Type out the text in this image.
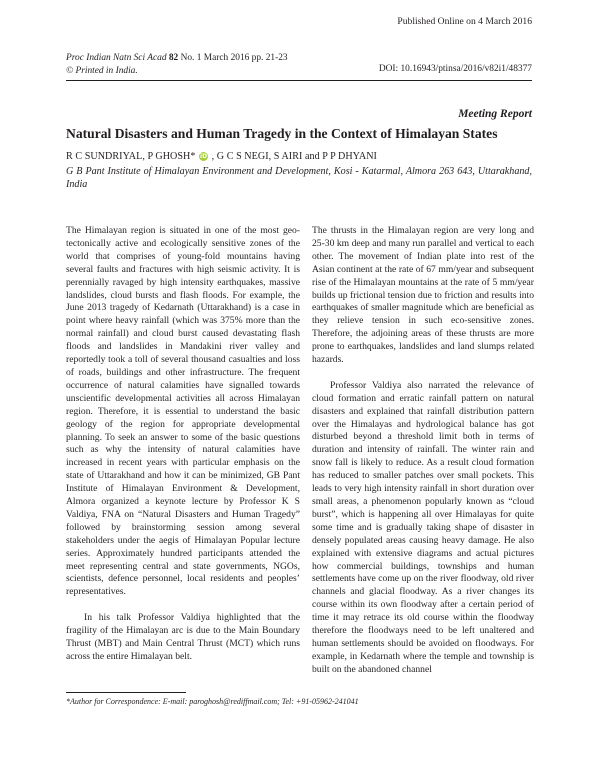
Published Online on 4 March 2016
Proc Indian Natn Sci Acad 82 No. 1 March 2016 pp. 21-23
© Printed in India.	DOI: 10.16943/ptinsa/2016/v82i1/48377
Meeting Report
Natural Disasters and Human Tragedy in the Context of Himalayan States
R C SUNDRIYAL, P GHOSH* iD , G C S NEGI, S AIRI and P P DHYANI
G B Pant Institute of Himalayan Environment and Development, Kosi - Katarmal, Almora 263 643, Uttarakhand, India

The Himalayan region is situated in one of the most geo-tectonically active and ecologically sensitive zones of the world that comprises of young-fold mountains having several faults and fractures with high seismic activity. It is perennially ravaged by high intensity earthquakes, massive landslides, cloud bursts and flash floods. For example, the June 2013 tragedy of Kedarnath (Uttarakhand) is a case in point where heavy rainfall (which was 375% more than the normal rainfall) and cloud burst caused devastating flash floods and landslides in Mandakini river valley and reportedly took a toll of several thousand casualties and loss of roads, buildings and other infrastructure. The frequent occurrence of natural calamities have signalled towards unscientific developmental activities all across Himalayan region. Therefore, it is essential to understand the basic geology of the region for appropriate developmental planning. To seek an answer to some of the basic questions such as why the intensity of natural calamities have increased in recent years with particular emphasis on the state of Uttarakhand and how it can be minimized, GB Pant Institute of Himalayan Environment & Development, Almora organized a keynote lecture by Professor K S Valdiya, FNA on “Natural Disasters and Human Tragedy” followed by brainstorming session among several stakeholders under the aegis of Himalayan Popular lecture series. Approximately hundred participants attended the meet representing central and state governments, NGOs, scientists, defence personnel, local residents and peoples’ representatives.

In his talk Professor Valdiya highlighted that the fragility of the Himalayan arc is due to the Main Boundary Thrust (MBT) and Main Central Thrust (MCT) which runs across the entire Himalayan belt.

The thrusts in the Himalayan region are very long and 25-30 km deep and many run parallel and vertical to each other. The movement of Indian plate into rest of the Asian continent at the rate of 67 mm/year and subsequent rise of the Himalayan mountains at the rate of 5 mm/year builds up frictional tension due to friction and results into earthquakes of smaller magnitude which are beneficial as they relieve tension in such eco-sensitive zones. Therefore, the adjoining areas of these thrusts are more prone to earthquakes, landslides and land slumps related hazards.

Professor Valdiya also narrated the relevance of cloud formation and erratic rainfall pattern on natural disasters and explained that rainfall distribution pattern over the Himalayas and hydrological balance has got disturbed beyond a threshold limit both in terms of duration and intensity of rainfall. The winter rain and snow fall is likely to reduce. As a result cloud formation has reduced to smaller patches over small pockets. This leads to very high intensity rainfall in short duration over small areas, a phenomenon popularly known as “cloud burst”, which is happening all over Himalayas for quite some time and is gradually taking shape of disaster in densely populated areas causing heavy damage. He also explained with extensive diagrams and actual pictures how commercial buildings, townships and human settlements have come up on the river floodway, old river channels and glacial floodway. As a river changes its course within its own floodway after a certain period of time it may retrace its old course within the floodway therefore the floodways need to be left unaltered and human settlements should be avoided on floodways. For example, in Kedarnath where the temple and township is built on the abandoned channel

*Author for Correspondence: E-mail: paroghosh@rediffmail.com; Tel: +91-05962-241041
